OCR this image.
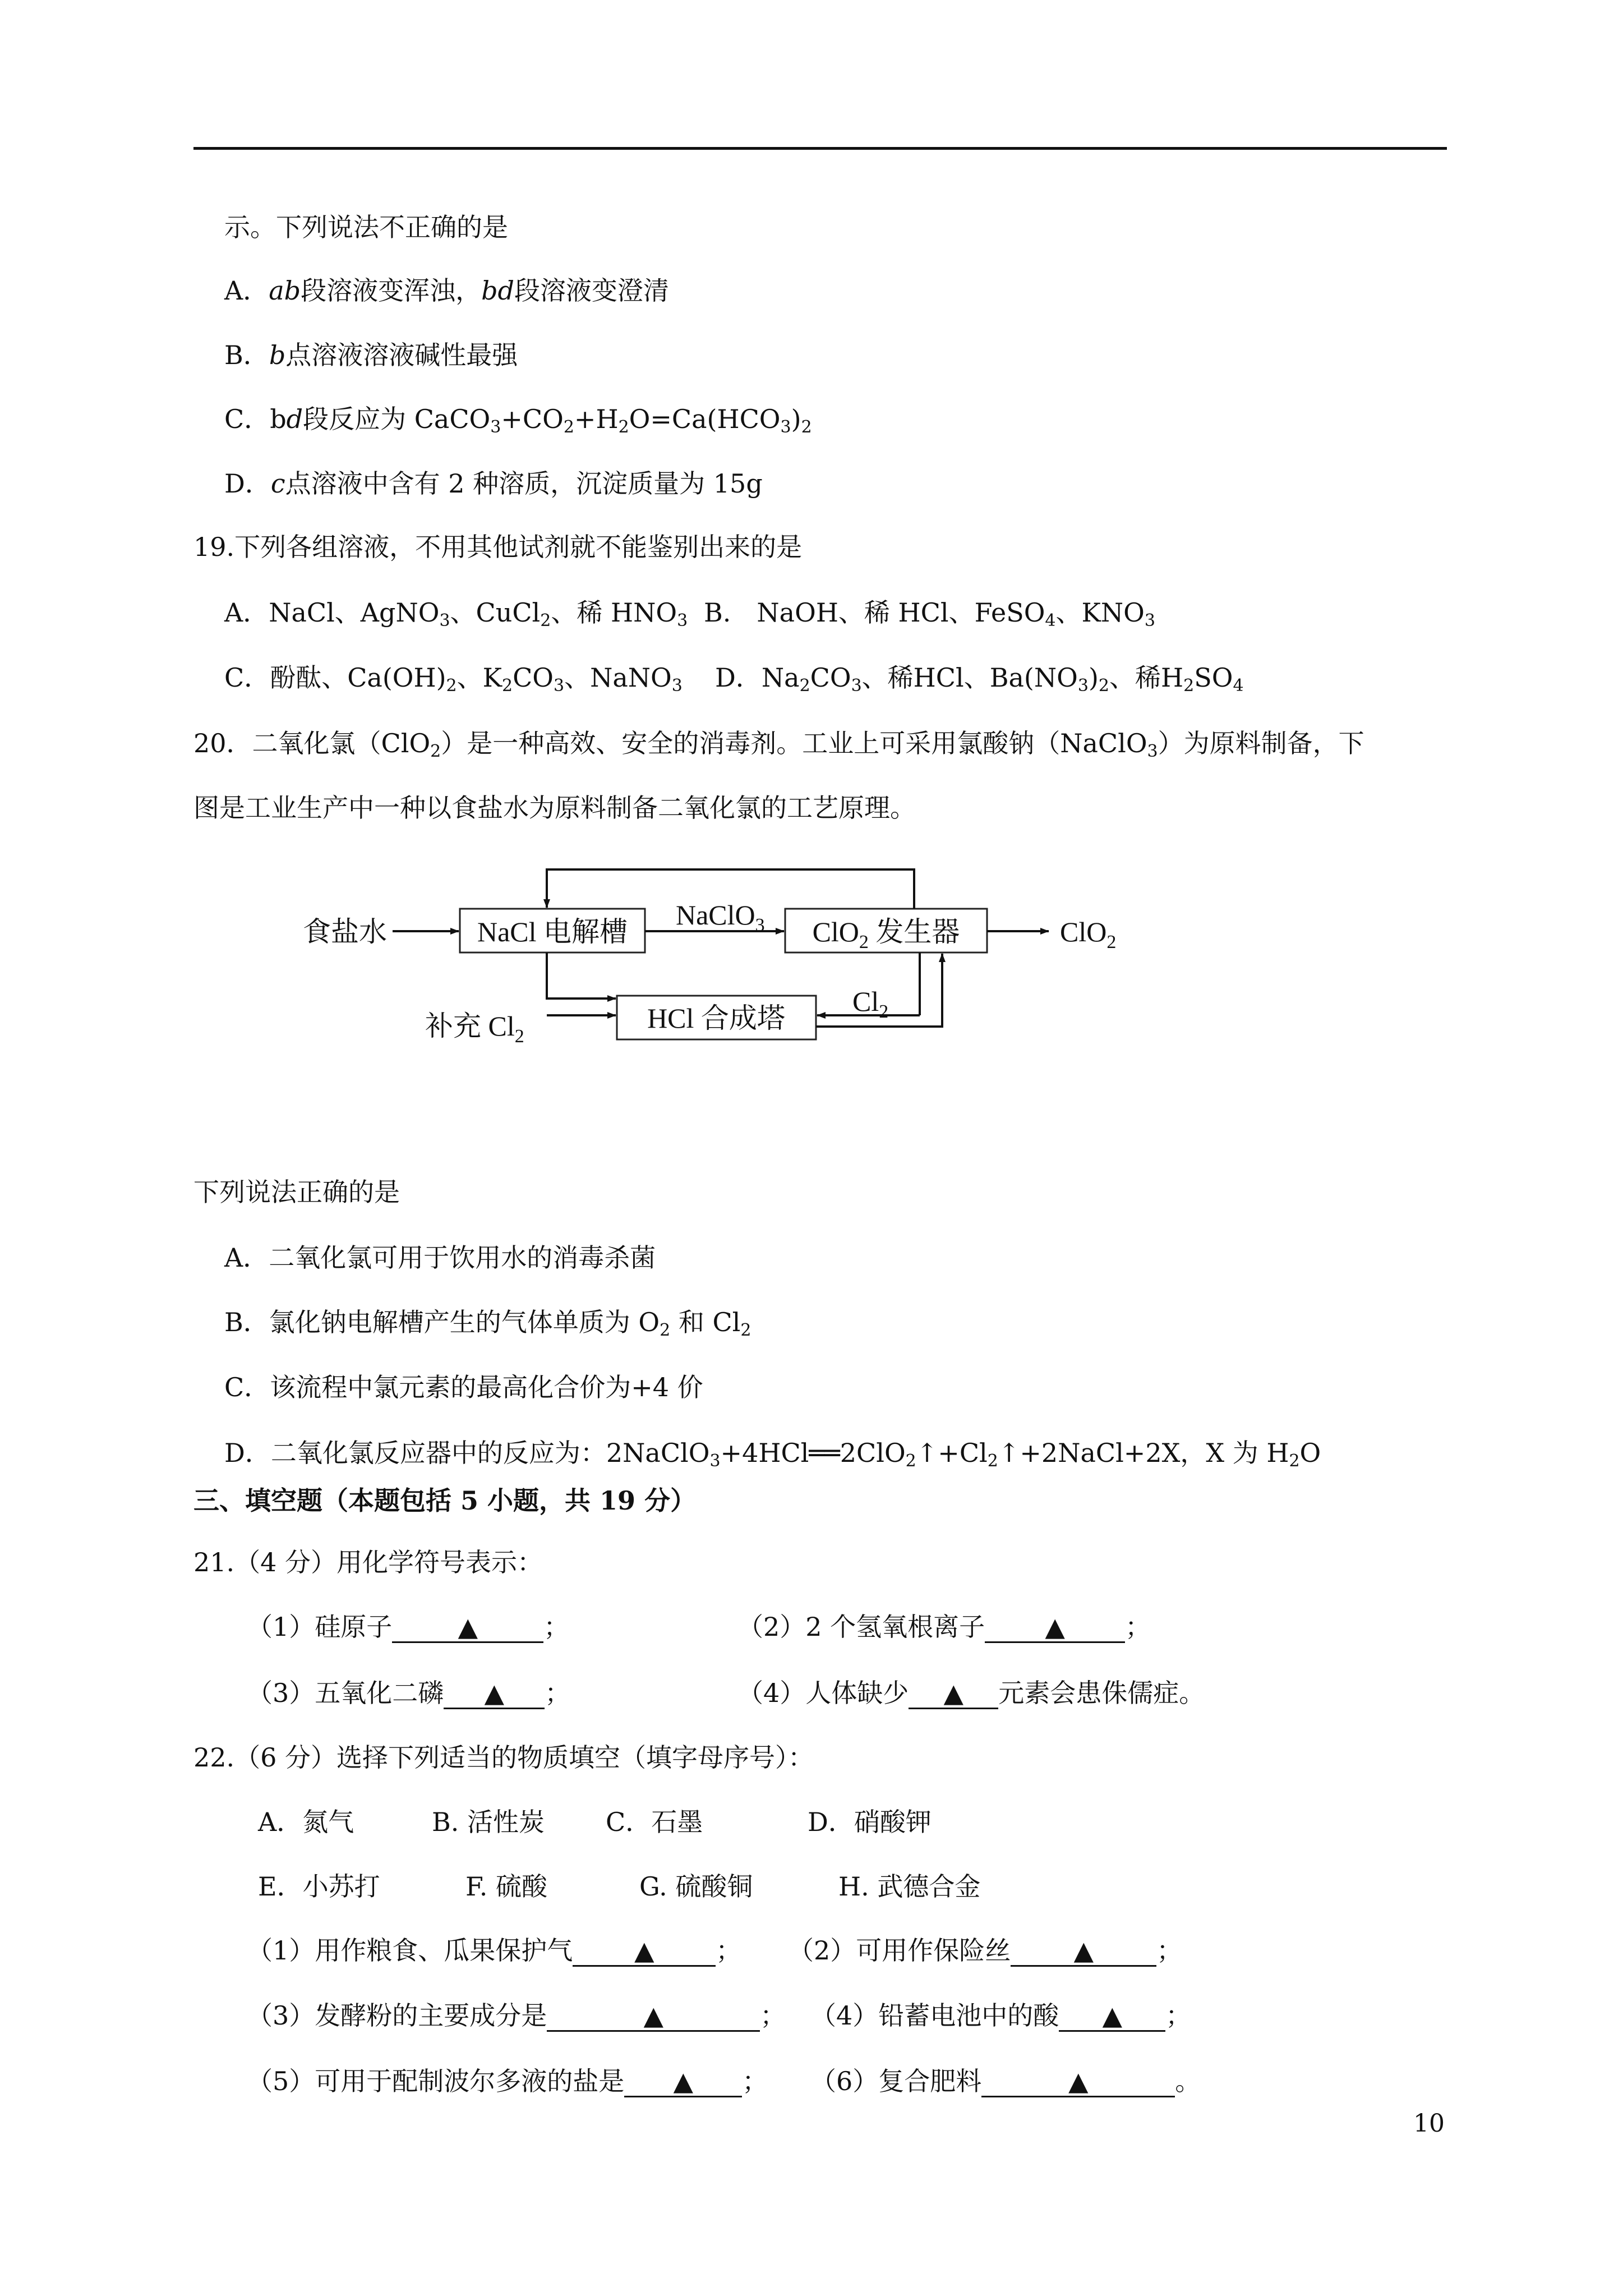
示。下列说法不正确的是
A．ab段溶液变浑浊，bd段溶液变澄清
B．b点溶液溶液碱性最强
C．bd段反应为 $CaCO_3+CO_2+H_2O=Ca(HCO_3)_2$
D．c点溶液中含有 2 种溶质，沉淀质量为 15g
19.下列各组溶液，不用其他试剂就不能鉴别出来的是
A．NaCl、AgNO$_3$、CuCl$_2$、稀 $HNO_3$ B.　NaOH、稀 HCl、FeSO$_4$、$KNO_3$
C．酚酞、$Ca(OH)_2$、$K_2CO_3$、NaNO$_3$ D．$Na_2CO_3$、稀HCl、$Ba(NO_3)_2$、稀$H_2SO_4$
20．二氧化氯（ClO$_2$）是一种高效、安全的消毒剂。工业上可采用氯酸钠（NaClO$_3$）为原料制备，下
图是工业生产中一种以食盐水为原料制备二氧化氯的工艺原理。
食盐水	NaCl 电解槽	ClO$_2$ 发生器
HCl 合成塔
NaClO$_3$	ClO$_2$
补充 $Cl_2$
$Cl_2$
下列说法正确的是
A．二氧化氯可用于饮用水的消毒杀菌
B．氯化钠电解槽产生的气体单质为 $O_2$ 和 $Cl_2$
C．该流程中氯元素的最高化合价为+4 价
D．二氧化氯反应器中的反应为：$2NaClO_3+4HCl══2ClO_2↑+Cl_2↑+2NaCl+2X$，X 为 $H_2O$
三、填空题（本题包括 5 小题，共 19 分）
21.（4 分）用化学符号表示：
（1）硅原子	▲	；	（2）2 个氢氧根离子 ▲ ；
（3）五氧化二磷 ▲ ；	（4）人体缺少 ▲ 元素会患侏儒症。
22.（6 分）选择下列适当的物质填空（填字母序号）：
A．氮气	B. 活性炭 C．石墨	D．硝酸钾
E．小苏打	F. 硫酸	G. 硫酸铜	H. 武德合金
（1）用作粮食、瓜果保护气 ▲ ； （2）可用作保险丝 ▲ ；
（3）发酵粉的主要成分是	▲	； （4）铅蓄电池中的酸 ▲ ；
（5）可用于配制波尔多液的盐是 ▲ ； （6）复合肥料	▲	。
10
